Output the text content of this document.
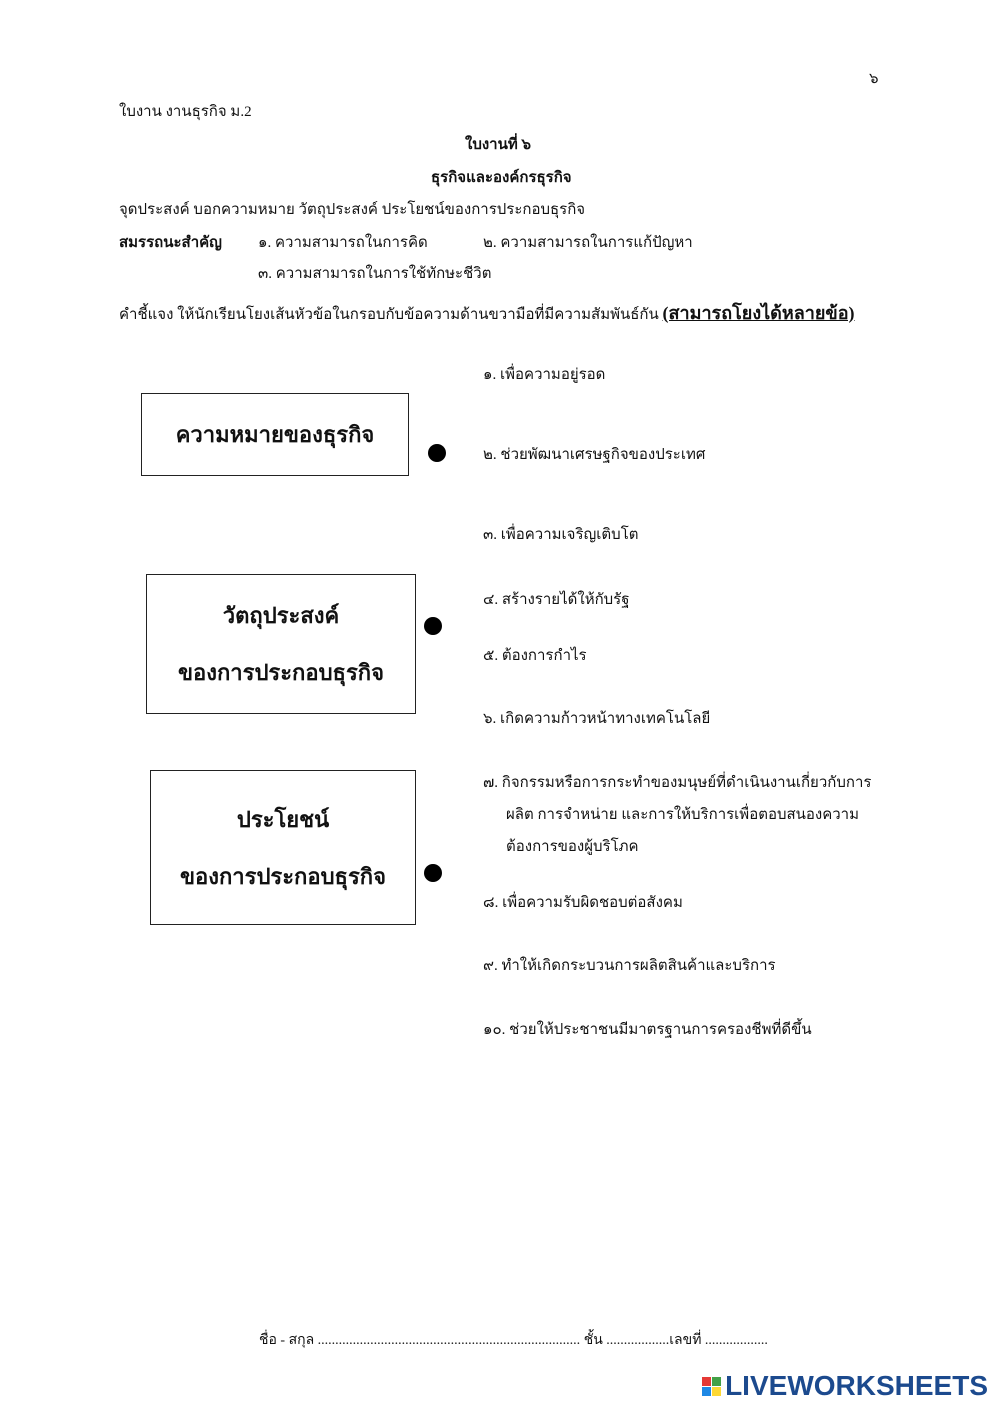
๖
ใบงาน งานธุรกิจ ม.2
ใบงานที่ ๖
ธุรกิจและองค์กรธุรกิจ
จุดประสงค์ บอกความหมาย วัตถุประสงค์ ประโยชน์ของการประกอบธุรกิจ
สมรรถนะสำคัญ ๑. ความสามารถในการคิด	๒. ความสามารถในการแก้ปัญหา
๓. ความสามารถในการใช้ทักษะชีวิต
คำชี้แจง ให้นักเรียนโยงเส้นหัวข้อในกรอบกับข้อความด้านขวามือที่มีความสัมพันธ์กัน (สามารถโยงได้หลายข้อ)
ความหมายของธุรกิจ
วัตถุประสงค์
ของการประกอบธุรกิจ
ประโยชน์
ของการประกอบธุรกิจ
๑. เพื่อความอยู่รอด
๒. ช่วยพัฒนาเศรษฐกิจของประเทศ
๓. เพื่อความเจริญเติบโต
๔. สร้างรายได้ให้กับรัฐ
๕. ต้องการกำไร
๖. เกิดความก้าวหน้าทางเทคโนโลยี
๗. กิจกรรมหรือการกระทำของมนุษย์ที่ดำเนินงานเกี่ยวกับการ
ผลิต การจำหน่าย และการให้บริการเพื่อตอบสนองความ
ต้องการของผู้บริโภค
๘. เพื่อความรับผิดชอบต่อสังคม
๙. ทำให้เกิดกระบวนการผลิตสินค้าและบริการ
๑๐. ช่วยให้ประชาชนมีมาตรฐานการครองชีพที่ดีขึ้น
ชื่อ - สกุล ........................................................................... ชั้น ..................เลขที่ ..................
LIVEWORKSHEETS
